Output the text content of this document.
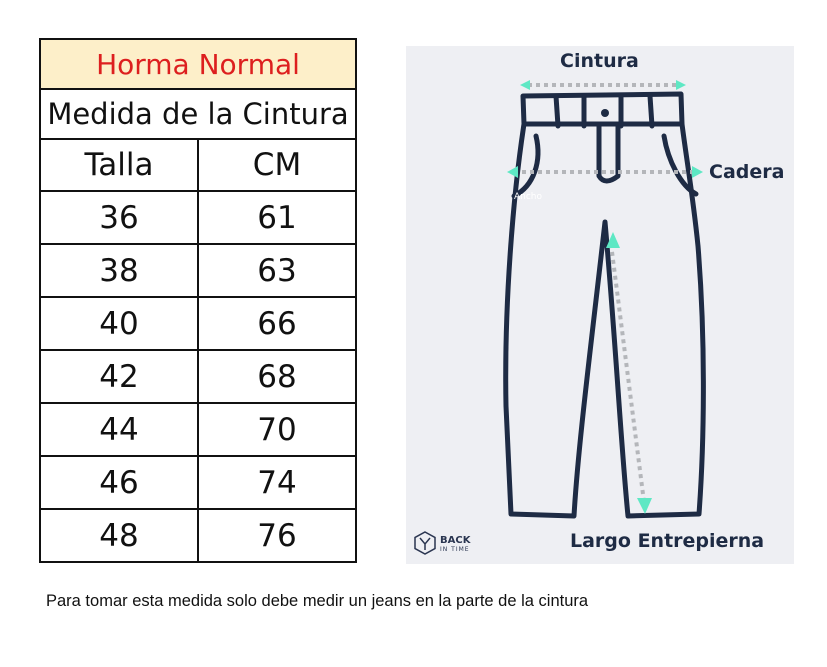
Horma Normal	
Medida de la Cintura	
Talla	CM
36	61
38	63
40	66
42	68
44	70
46	74
48	76
Cintura
Cadera
Largo Entrepierna
Ancho
BACK
IN TIME
Para tomar esta medida solo debe medir un jeans en la parte de la cintura
